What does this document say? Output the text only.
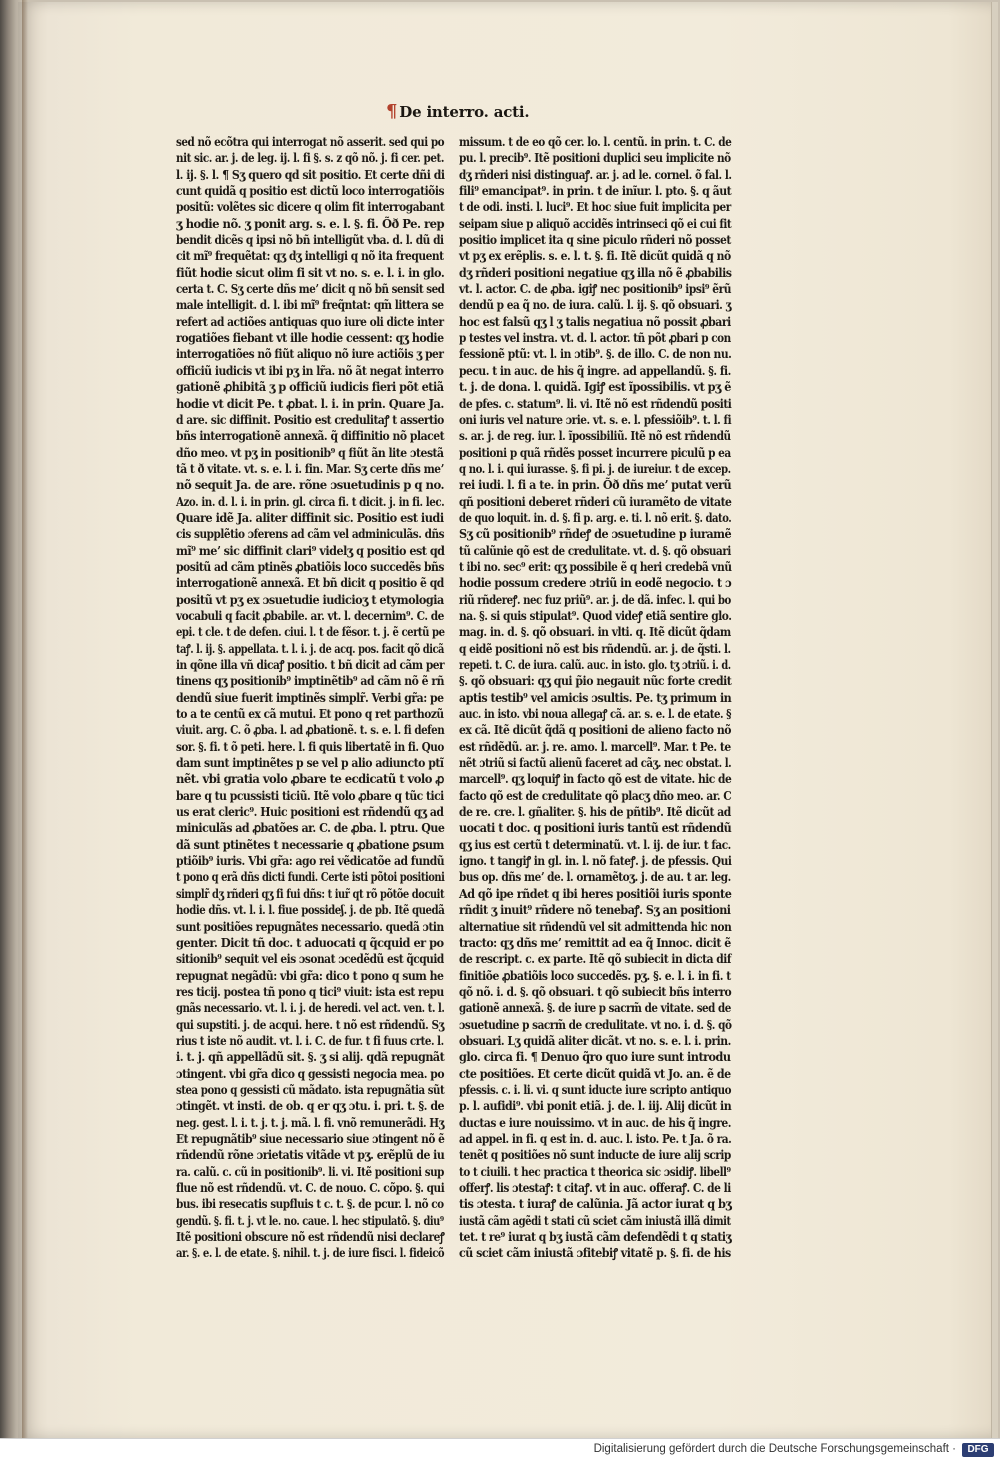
¶ De interro. acti.
sed nõ ecõtra qui interrogat nõ asserit. sed qui po
nit sic. ar. j. de leg. ij. l. fi §. s. z qõ nõ. j. fi cer. pet.
l. ij. §. l. ¶ Sʒ quero qd sit positio. Et certe dñi di
cunt quidã q positio est dictũ loco interrogatiõis
positũ: volẽtes sic dicere q olim fit interrogabant
ʒ hodie nõ. ʒ ponit arg. s. e. l. §. fi. Õð Pe. rep
bendit dicẽs q ipsi nõ bñ intelligũt vba. d. l. dũ di
cit mĩ⁹ frequẽtat: qʒ dʒ intelligi q nõ ita frequent
fiũt hodie sicut olim fi sit vt no. s. e. l. i. in glo.
certa t. C. Sʒ certe dñs meʼ dicit q nõ bñ sensit sed
male intelligit. d. l. ibi mĩ⁹ freq̃ntat: qm̃ littera se
refert ad actiões antiquas quo iure oli dicte inter
rogatiões fiebant vt ille hodie cessent: qʒ hodie
interrogatiões nõ fiũt aliquo nõ iure actiõis ʒ per
officiũ iudicis vt ibi pʒ in lr̃a. nõ ãt negat interro
gationẽ ꝓhibitã ʒ p officiũ iudicis fieri põt etiã
hodie vt dicit Pe. t ꝓbat. l. i. in prin. Quare Ja.
d are. sic diffinit. Positio est credulitaꝭ t assertio
bñs interrogationẽ annexã. q̃ diffinitio nõ placet
dño meo. vt pʒ in positionib⁹ q fiũt ãn lite ɔtestã
tã t ð vitate. vt. s. e. l. i. fin. Mar. Sʒ certe dñs meʼ
nõ sequit Ja. de are. rõne ɔsuetudinis p q no.
Azo. in. d. l. i. in prin. gl. circa fi. t dicit. j. in fi. lec.
Quare idẽ Ja. aliter diffinit sic. Positio est iudi
cis supplẽtio ɔferens ad cãm vel adminiculãs. dñs
mĩ⁹ meʼ sic diffinit clari⁹ videlʒ q positio est qd
positũ ad cãm ptinẽs ꝓbatiõis loco succedẽs bñs
interrogationẽ annexã. Et bñ dicit q positio ẽ qd
positũ vt pʒ ex ɔsuetudie iudicioʒ t etymologia
vocabuli q facit ꝓbabile. ar. vt. l. decernim⁹. C. de
epi. t cle. t de defen. ciui. l. t de fẽsor. t. j. ẽ certũ pe
taꝭ. l. ij. §. appellata. t. l. i. j. de acq. pos. facit qõ dicã
in qõne illa vñ dicaꝭ positio. t bñ dicit ad cãm per
tinens qʒ positionib⁹ imptinẽtib⁹ ad cãm nõ ẽ rñ
dendũ siue fuerit imptinẽs simplr̃. Verbi gr̃a: pe
to a te centũ ex cã mutui. Et pono q ret parthozũ
viuit. arg. C. õ ꝓba. l. ad ꝓbationẽ. t. s. e. l. fi defen
sor. §. fi. t õ peti. here. l. fi quis libertatẽ in fi. Quo
dam sunt imptinẽtes p se vel p alio adiuncto ptĩ
nẽt. vbi gratia volo ꝓbare te ecdicatũ t volo ꝓ
bare q tu pcussisti ticiũ. Itẽ volo ꝓbare q tũc tici
us erat cleric⁹. Huic positioni est rñdendũ qʒ ad
miniculãs ad ꝓbatões ar. C. de ꝓba. l. ptru. Que
dã sunt ptinẽtes t necessarie q ꝓbatione ꝑsum
ptiõib⁹ iuris. Vbi gr̃a: ago rei vẽdicatõe ad fundũ
t pono q erã dñs dicti fundi. Certe isti põtoi positioni
simplr̃ dʒ rñderi qʒ fi fui dñs: t iur̃ qt rõ põtõe docuit
hodie dñs. vt. l. i. l. fiue possideʃ. j. de pb. Itẽ quedã
sunt positiões repugnãtes necessario. quedã ɔtin
genter. Dicit tñ doc. t aduocati q q̃cquid er po
sitionib⁹ sequit vel eis ɔsonat ɔcedẽdũ est q̃cquid
repugnat negãdũ: vbi gr̃a: dico t pono q sum he
res ticij. postea tñ pono q tici⁹ viuit: ista est repu
gnãs necessario. vt. l. i. j. de heredi. vel act. ven. t. l.
qui supstiti. j. de acqui. here. t nõ est rñdendũ. Sʒ
rius t iste nõ audit. vt. l. i. C. de fur. t fi fuus crte. l.
i. t. j. qñ appellãdũ sit. §. ʒ si alij. qdã repugnãt
ɔtingent. vbi gr̃a dico q gessisti negocia mea. po
stea pono q gessisti cũ mãdato. ista repugnãtia sũt
ɔtingẽt. vt insti. de ob. q er qʒ ɔtu. i. pri. t. §. de
neg. gest. l. i. t. j. t. j. mã. l. fi. vnõ remunerãdi. Hʒ
Et repugnãtib⁹ siue necessario siue ɔtingent nõ ẽ
rñdendũ rõne ɔrietatis vitãde vt pʒ. erẽplũ de iu
ra. calũ. c. cũ in positionib⁹. li. vi. Itẽ positioni sup
flue nõ est rñdendũ. vt. C. de nouo. C. cõpo. §. qui
bus. ibi resecatis supfluis t c. t. §. de pcur. l. nõ co
gendũ. §. fi. t. j. vt le. no. caue. l. hec stipulatõ. §. diu⁹
Itẽ positioni obscure nõ est rñdendũ nisi declareꝭ
ar. §. e. l. de etate. §. nihil. t. j. de iure fisci. l. fideicõ
missum. t de eo qõ cer. lo. l. centũ. in prin. t. C. de
pu. l. precib⁹. Itẽ positioni duplici seu implicite nõ
dʒ rñderi nisi distinguaꝭ. ar. j. ad le. cornel. õ fal. l.
fili⁹ emancipat⁹. in prin. t de inĩur. l. pto. §. q ãut
t de odi. insti. l. luci⁹. Et hoc siue fuit implicita per
seipam siue p aliquõ accidẽs intrinseci qõ ei cui fit
positio implicet ita q sine piculo rñderi nõ posset
vt pʒ ex erẽplis. s. e. l. t. §. fi. Itẽ dicũt quidã q nõ
dʒ rñderi positioni negatiue qʒ illa nõ ẽ ꝓbabilis
vt. l. actor. C. de ꝓba. igiꝭ nec positionib⁹ ipsi⁹ ẽrũ
dendũ p ea q̃ no. de iura. calũ. l. ij. §. qõ obsuari. ʒ
hoc est falsũ qʒ l ʒ talis negatiua nõ possit ꝓbari
p testes vel instra. vt. d. l. actor. tñ põt ꝓbari p con
fessionẽ ptũ: vt. l. in ɔtib⁹. §. de illo. C. de non nu.
pecu. t in auc. de his q̃ ingre. ad appellandũ. §. fi.
t. j. de dona. l. quidã. Igiꝭ est ĩpossibilis. vt pʒ ẽ
de pfes. c. statum⁹. li. vi. Itẽ nõ est rñdendũ positi
oni iuris vel nature ɔrie. vt. s. e. l. pfessiõib⁹. t. l. fi
s. ar. j. de reg. iur. l. ĩpossibiliũ. Itẽ nõ est rñdendũ
positioni p quã rñdẽs posset incurrere piculũ p ea
q no. l. i. qui iurasse. §. fi pi. j. de iureiur. t de excep.
rei iudi. l. fi a te. in prin. Õð dñs meʼ putat verũ
qñ positioni deberet rñderi cũ iuramẽto de vitate
de quo loquit. in. d. §. fi p. arg. e. ti. l. nõ erit. §. dato.
Sʒ cũ positionib⁹ rñdeꝭ de ɔsuetudine p iuramẽ
tũ calũnie qõ est de credulitate. vt. d. §. qõ obsuari
t ibi no. sec⁹ erit: qʒ possibile ẽ q heri credebã vnũ
hodie possum credere ɔtriũ in eodẽ negocio. t ɔ
riũ rñdereꝭ. nec fuz priũ⁹. ar. j. de dã. infec. l. qui bo
na. §. si quis stipulat⁹. Quod videꝭ etiã sentire glo.
mag. in. d. §. qõ obsuari. in vlti. q. Itẽ dicũt q̃dam
q eidẽ positioni nõ est bis rñdendũ. ar. j. de q̃sti. l.
repeti. t. C. de iura. calũ. auc. in isto. glo. tʒ ɔtriũ. i. d.
§. qõ obsuari: qʒ qui p̃io negauit nũc forte credit
aptis testib⁹ vel amicis ɔsultis. Pe. tʒ primum in
auc. in isto. vbi noua allegaꝭ cã. ar. s. e. l. de etate. §
ex cã. Itẽ dicũt q̃dã q positioni de alieno facto nõ
est rñdẽdũ. ar. j. re. amo. l. marcell⁹. Mar. t Pe. te
nẽt ɔtriũ si factũ alienũ faceret ad cãʒ. nec obstat. l.
marcell⁹. qʒ loquiꝭ in facto qõ est de vitate. hic de
facto qõ est de credulitate qõ placʒ dño meo. ar. C
de re. cre. l. gñaliter. §. his de pñtib⁹. Itẽ dicũt ad
uocati t doc. q positioni iuris tantũ est rñdendũ
qʒ ius est certũ t determinatũ. vt. l. ij. de iur. t fac.
igno. t tangiꝭ in gl. in. l. nõ fateꝭ. j. de pfessis. Qui
bus op. dñs meʼ de. l. ornamẽtoʒ. j. de au. t ar. leg.
Ad qõ ipe rñdet q ibi heres positiõi iuris sponte
rñdit ʒ inuit⁹ rñdere nõ tenebaꝭ. Sʒ an positioni
alternatiue sit rñdendũ vel sit admittenda hic non
tracto: qʒ dñs meʼ remittit ad ea q̃ Innoc. dicit ẽ
de rescript. c. ex parte. Itẽ qõ subiecit in dicta dif
finitiõe ꝓbatiõis loco succedẽs. pʒ. §. e. l. i. in fi. t
qõ nõ. i. d. §. qõ obsuari. t qõ subiecit bñs interro
gationẽ annexã. §. de iure p sacrm̃ de vitate. sed de
ɔsuetudine p sacrm̃ de credulitate. vt no. i. d. §. qõ
obsuari. Lʒ quidã aliter dicãt. vt no. s. e. l. i. prin.
glo. circa fi. ¶ Denuo q̃ro quo iure sunt introdu
cte positiões. Et certe dicũt quidã vt Jo. an. ẽ de
pfessis. c. i. li. vi. q sunt iducte iure scripto antiquo
p. l. aufidi⁹. vbi ponit etiã. j. de. l. iij. Alij dicũt in
ductas e iure nouissimo. vt in auc. de his q̃ ingre.
ad appel. in fi. q est in. d. auc. l. isto. Pe. t Ja. õ ra.
tenẽt q positiões nõ sunt inducte de iure alij scrip
to t ciuili. t hec practica t theorica sic ɔsidiꝭ. libell⁹
offerꝭ. lis ɔtestaꝭ: t citaꝭ. vt in auc. offeraꝭ. C. de li
tis ɔtesta. t iuraꝭ de calũnia. Jã actor iurat q bʒ
iustã cãm agẽdi t stati cũ sciet cãm iniustã illã dimit
tet. t re⁹ iurat q bʒ iustã cãm defendẽdi t q statiʒ
cũ sciet cãm iniustã ɔfitebiꝭ vitatẽ p. §. fi. de his
Digitalisierung gefördert durch die Deutsche Forschungsgemeinschaft ·	DFG
